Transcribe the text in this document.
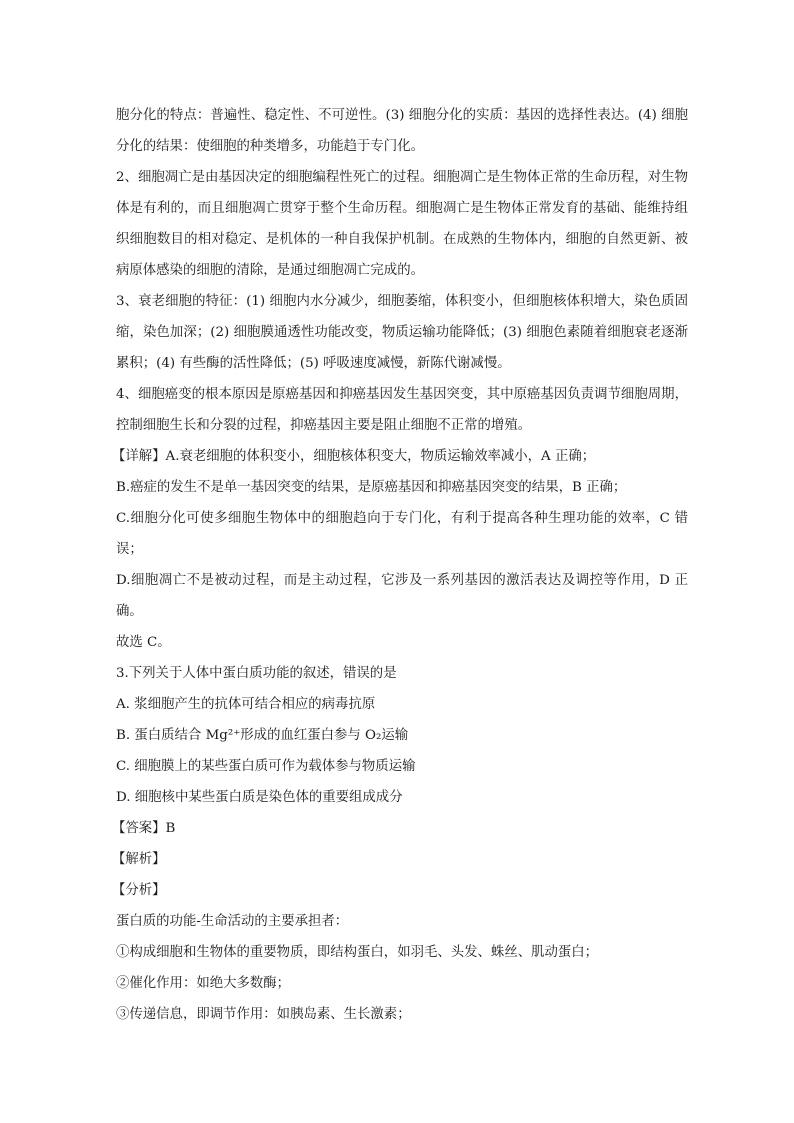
胞分化的特点：普遍性、稳定性、不可逆性。(3) 细胞分化的实质：基因的选择性表达。(4) 细胞分化的结果：使细胞的种类增多，功能趋于专门化。

2、细胞凋亡是由基因决定的细胞编程性死亡的过程。细胞凋亡是生物体正常的生命历程，对生物体是有利的，而且细胞凋亡贯穿于整个生命历程。细胞凋亡是生物体正常发育的基础、能维持组织细胞数目的相对稳定、是机体的一种自我保护机制。在成熟的生物体内，细胞的自然更新、被病原体感染的细胞的清除，是通过细胞凋亡完成的。

3、衰老细胞的特征：(1) 细胞内水分减少，细胞萎缩，体积变小，但细胞核体积增大，染色质固缩，染色加深；(2) 细胞膜通透性功能改变，物质运输功能降低；(3) 细胞色素随着细胞衰老逐渐累积；(4) 有些酶的活性降低；(5) 呼吸速度减慢，新陈代谢减慢。

4、细胞癌变的根本原因是原癌基因和抑癌基因发生基因突变，其中原癌基因负责调节细胞周期，控制细胞生长和分裂的过程，抑癌基因主要是阻止细胞不正常的增殖。

【详解】A.衰老细胞的体积变小，细胞核体积变大，物质运输效率减小，A 正确；

B.癌症的发生不是单一基因突变的结果，是原癌基因和抑癌基因突变的结果，B 正确；

C.细胞分化可使多细胞生物体中的细胞趋向于专门化，有利于提高各种生理功能的效率，C 错误；

D.细胞凋亡不是被动过程，而是主动过程，它涉及一系列基因的激活表达及调控等作用，D 正确。

故选 C。

3.下列关于人体中蛋白质功能的叙述，错误的是

A. 浆细胞产生的抗体可结合相应的病毒抗原

B. 蛋白质结合 Mg²⁺形成的血红蛋白参与 O₂运输

C. 细胞膜上的某些蛋白质可作为载体参与物质运输

D. 细胞核中某些蛋白质是染色体的重要组成成分

【答案】B

【解析】

【分析】

蛋白质的功能-生命活动的主要承担者：

①构成细胞和生物体的重要物质，即结构蛋白，如羽毛、头发、蛛丝、肌动蛋白；

②催化作用：如绝大多数酶；

③传递信息，即调节作用：如胰岛素、生长激素；
